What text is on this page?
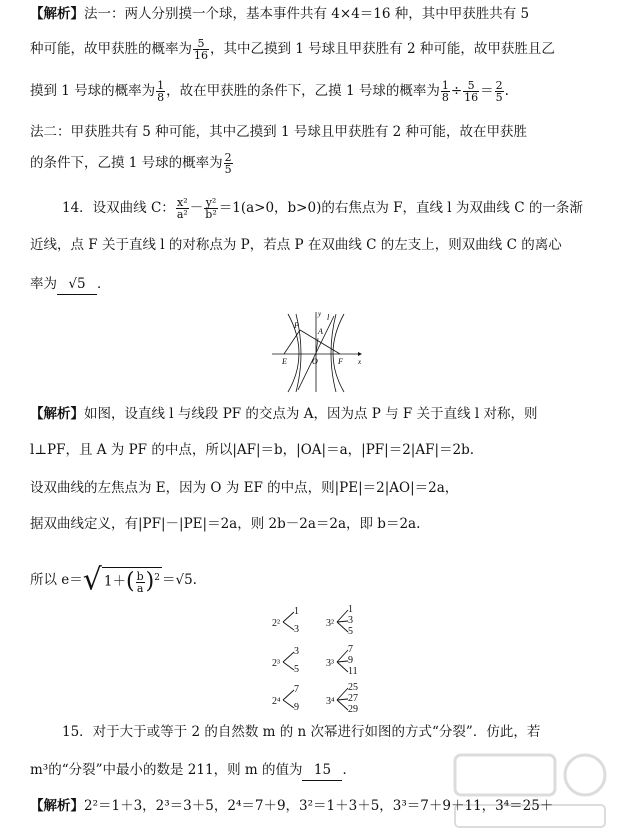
【解析】法一：两人分别摸一个球，基本事件共有 4×4＝16 种，其中甲获胜共有 5
种可能，故甲获胜的概率为 $\frac{5}{16}$ ，其中乙摸到 1 号球且甲获胜有 2 种可能，故甲获胜且乙
摸到 1 号球的概率为 $\frac{1}{8}$ ，故在甲获胜的条件下，乙摸 1 号球的概率为 $\frac{1}{8} \div \frac{5}{16} = \frac{2}{5}$ .
法二：甲获胜共有 5 种可能，其中乙摸到 1 号球且甲获胜有 2 种可能，故在甲获胜
的条件下，乙摸 1 号球的概率为 $\frac{2}{5}$
14．设双曲线 C： $\frac{\text{x²}}{\text{a²}} - \frac{\text{y²}}{\text{b²}} =1(a>0$，b>0)的右焦点为 F，直线 l 为双曲线 C 的一条渐
近线，点 F 关于直线 l 的对称点为 P，若点 P 在双曲线 C 的左支上，则双曲线 C 的离心
率为 √5 ．
P
A
l
y
E	O	F x
【解析】如图，设直线 l 与线段 PF 的交点为 A，因为点 P 与 F 关于直线 l 对称，则
l⊥PF，且 A 为 PF 的中点，所以|AF|＝b，|OA|＝a，|PF|＝2|AF|＝2b.
设双曲线的左焦点为 E，因为 O 为 EF 的中点，则|PE|＝2|AO|＝2a，
据双曲线定义，有|PF|－|PE|＝2a，则 2b－2a＝2a，即 b＝2a.
所以 e＝√ $1+( \frac{b}{a} )^2 =√5$.
2²
1
3
3²
1
3
5
2³
3
5
3³
7
9
11
2⁴
7
9
3⁴
25
27
29
15．对于大于或等于 2 的自然数 m 的 n 次幂进行如图的方式“分裂”．仿此，若
m³的“分裂”中最小的数是 211，则 m 的值为 15 ．
【解析】2²＝1＋3，2³＝3＋5，2⁴＝7＋9，3²＝1＋3＋5，3³＝7＋9＋11，3⁴＝25＋
